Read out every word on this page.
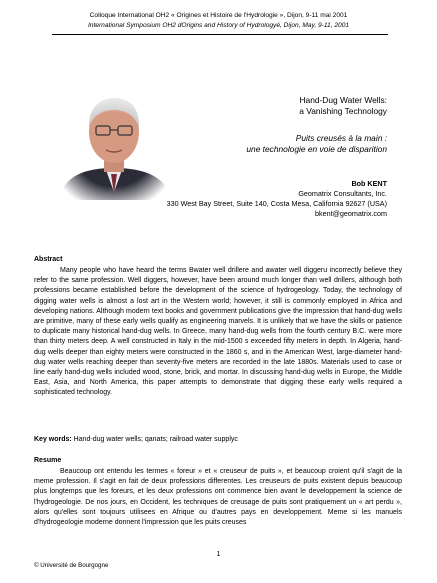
Colloque International OH2 « Origines et Histoire de l'Hydrologie », Dijon, 9-11 mai 2001
International Symposium OH2 dOrigins and History of Hydrologyé, Dijon, May, 9-11, 2001
Hand-Dug Water Wells:
a Vanishing Technology
Puits creusés à la main :
une technologie en voie de disparition
Bob KENT
Geomatrix Consultants, Inc.
330 West Bay Street, Suite 140, Costa Mesa, California 92627 (USA)
bkent@geomatrix.com
Abstract
Many people who have heard the terms Bwater well drillere and awater well diggeru incorrectly believe they refer to the same profession. Well diggers, however, have been around much longer than well drillers, although both professions became established before the development of the science of hydrogeology. Today, the technology of digging water wells is almost a lost art in the Western world; however, it still is commonly employed in Africa and developing nations. Although modern text books and government publications give the impression that hand-dug wells are primitive, many of these early wells qualify as engineering marvels. It is unlikely that we have the skills or patience to duplicate many historical hand-dug wells. In Greece, many hand-dug wells from the fourth century B.C. were more than thirty meters deep. A well constructed in Italy in the mid-1500 s exceeded fifty meters in depth. In Algeria, hand-dug wells deeper than eighty meters were constructed in the 1860 s, and in the American West, large-diameter hand-dug water wells reaching deeper than seventy-five meters are recorded in the late 1880s. Materials used to case or line early hand-dug wells included wood, stone, brick, and mortar. In discussing hand-dug wells in Europe, the Middle East, Asia, and North America, this paper attempts to demonstrate that digging these early wells required a sophisticated technology.
Key words: Hand-dug water wells; qanats; railroad water supplyc
Resume
Beaucoup ont entendu les termes « foreur » et « creuseur de puits », et beaucoup croient qu'il s'agit de la meme profession. Il s'agit en fait de deux professions differentes. Les creuseurs de puits existent depuis beaucoup plus longtemps que les foreurs, et les deux professions ont commence bien avant le developpement la science de l'hydrogeologie. De nos jours, en Occident, les techniques de creusage de puits sont pratiquement un « art perdu », alors qu'elles sont toujours utilisees en Afrique ou d'autres pays en developpement. Meme si les manuels d'hydrogeologie moderne donnent l'impression que les puits creuses
1
© Université de Bourgogne
